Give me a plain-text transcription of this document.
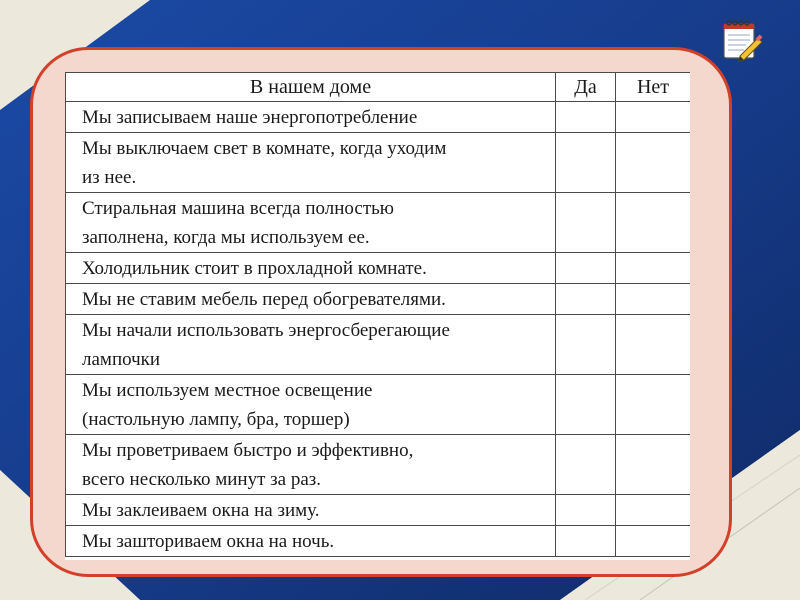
В нашем доме	Да	Нет

Мы записываем наше энергопотребление		

Мы выключаем свет в комнате, когда уходим
из нее.		

Стиральная машина всегда полностью
заполнена, когда мы используем ее.		

Холодильник стоит в прохладной комнате.		

Мы не ставим мебель перед обогревателями.		

Мы начали использовать энергосберегающие
лампочки		

Мы используем местное освещение
(настольную лампу, бра, торшер)		

Мы проветриваем быстро и эффективно,
всего несколько минут за раз.		

Мы заклеиваем окна на зиму.		

Мы зашториваем окна на ночь.		
